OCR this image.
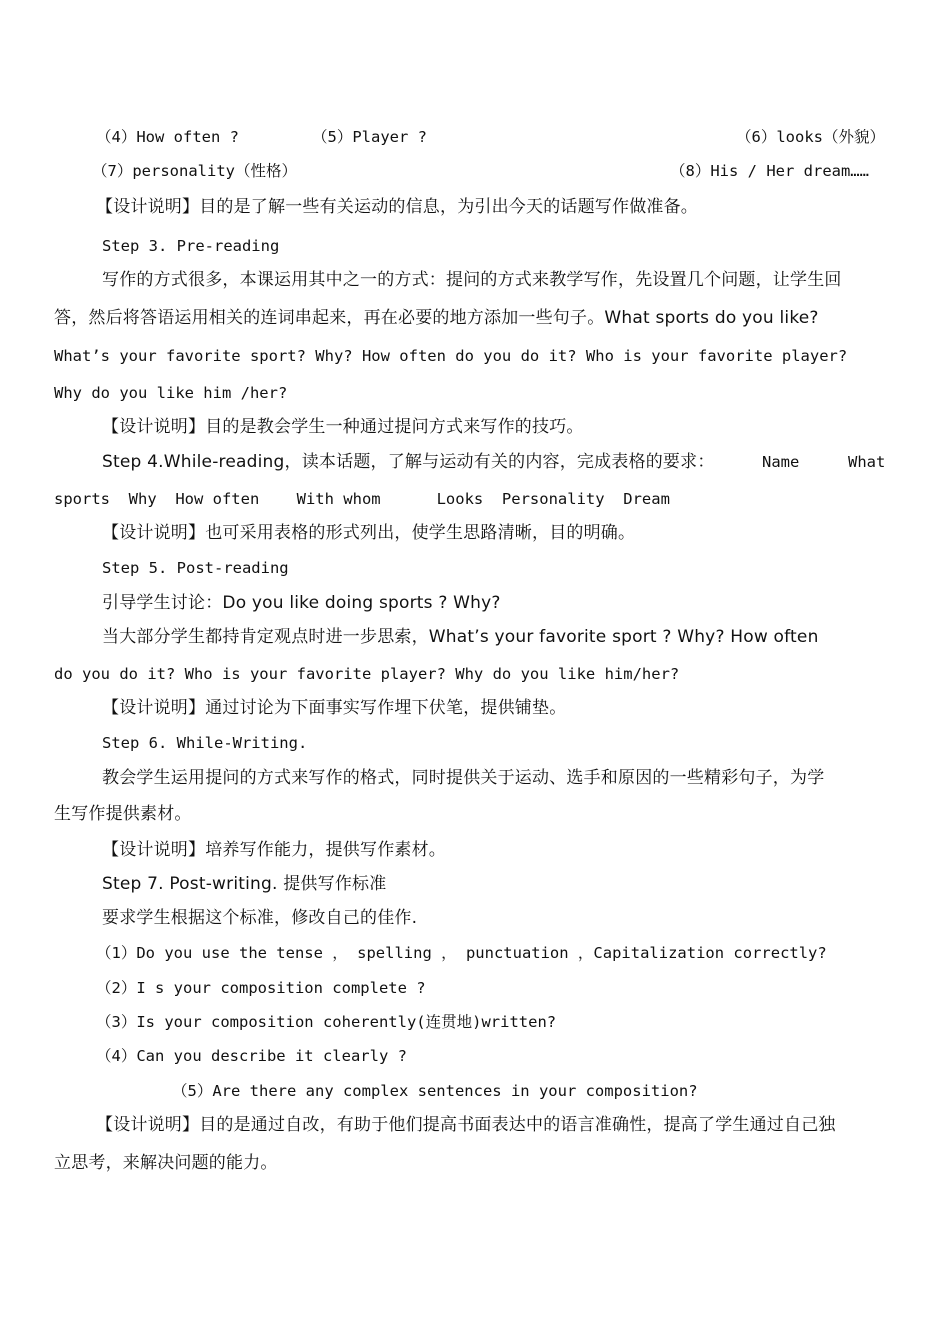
（4）How often ?	（5）Player ?	（6）looks（外貌）

（7）personality（性格）	（8）His / Her dream……

【设计说明】目的是了解一些有关运动的信息，为引出今天的话题写作做准备。

Step 3. Pre-reading

写作的方式很多，本课运用其中之一的方式：提问的方式来教学写作，先设置几个问题，让学生回

答，然后将答语运用相关的连词串起来，再在必要的地方添加一些句子。What sports do you like?

What’s your favorite sport? Why? How often do you do it? Who is your favorite player?

Why do you like him /her?

【设计说明】目的是教会学生一种通过提问方式来写作的技巧。

Step 4.While-reading，读本话题，了解与运动有关的内容，完成表格的要求：	Name	What

sports  Why  How often    With whom      Looks  Personality  Dream

【设计说明】也可采用表格的形式列出，使学生思路清晰，目的明确。

Step 5. Post-reading

引导学生讨论：Do you like doing sports ? Why?

当大部分学生都持肯定观点时进一步思索，What’s your favorite sport ? Why? How often

do you do it? Who is your favorite player? Why do you like him/her?

【设计说明】通过讨论为下面事实写作埋下伏笔，提供铺垫。

Step 6. While-Writing.

教会学生运用提问的方式来写作的格式，同时提供关于运动、选手和原因的一些精彩句子，为学

生写作提供素材。

【设计说明】培养写作能力，提供写作素材。

Step 7. Post-writing. 提供写作标准

要求学生根据这个标准，修改自己的佳作.

（1）Do you use the tense ， spelling ， punctuation ，Capitalization correctly?

（2）I s your composition complete ?

（3）Is your composition coherently(连贯地)written?

（4）Can you describe it clearly ?

（5）Are there any complex sentences in your composition?

【设计说明】目的是通过自改，有助于他们提高书面表达中的语言准确性，提高了学生通过自己独

立思考，来解决问题的能力。
